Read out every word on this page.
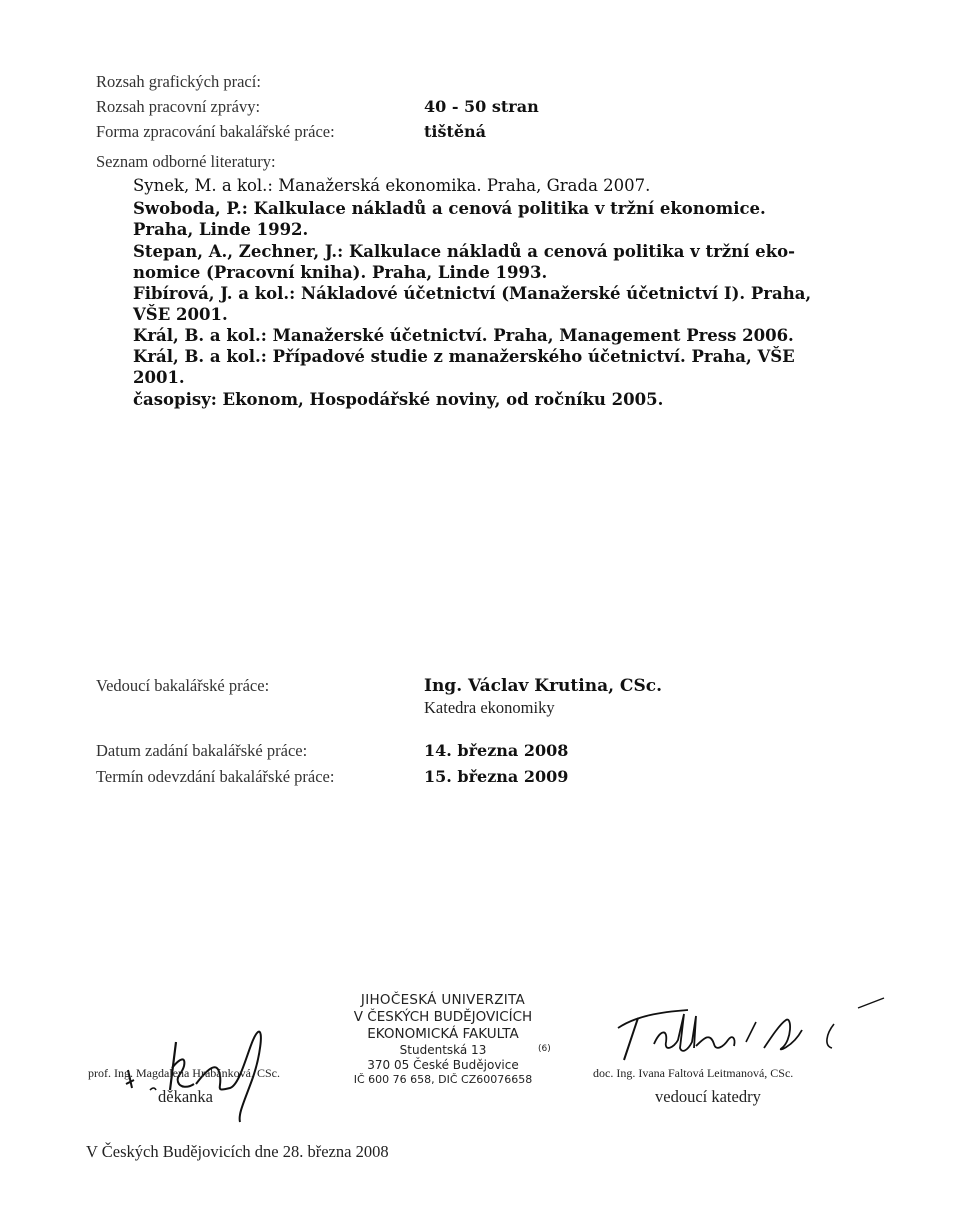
Rozsah grafických prací:
Rozsah pracovní zprávy:	40 - 50 stran
Forma zpracování bakalářské práce:	tištěná
Seznam odborné literatury:
Synek, M. a kol.: Manažerská ekonomika. Praha, Grada 2007.
Swoboda, P.: Kalkulace nákladů a cenová politika v tržní ekonomice.
Praha, Linde 1992.
Stepan, A., Zechner, J.: Kalkulace nákladů a cenová politika v tržní eko-
nomice (Pracovní kniha). Praha, Linde 1993.
Fibírová, J. a kol.: Nákladové účetnictví (Manažerské účetnictví I). Praha,
VŠE 2001.
Král, B. a kol.: Manažerské účetnictví. Praha, Management Press 2006.
Král, B. a kol.: Případové studie z manažerského účetnictví. Praha, VŠE
2001.
časopisy: Ekonom, Hospodářské noviny, od ročníku 2005.
Vedoucí bakalářské práce:	Ing. Václav Krutina, CSc.
Katedra ekonomiky
Datum zadání bakalářské práce:	14. března 2008
Termín odevzdání bakalářské práce:	15. března 2009
prof. Ing. Magdalena Hrabánková, CSc.
děkanka
JIHOČESKÁ UNIVERZITA
V ČESKÝCH BUDĚJOVICÍCH
EKONOMICKÁ FAKULTA
Studentská 13	(6)
370 05 České Budějovice
IČ 600 76 658, DIČ CZ60076658	doc. Ing. Ivana Faltová Leitmanová, CSc.
vedoucí katedry
V Českých Budějovicích dne 28. března 2008
